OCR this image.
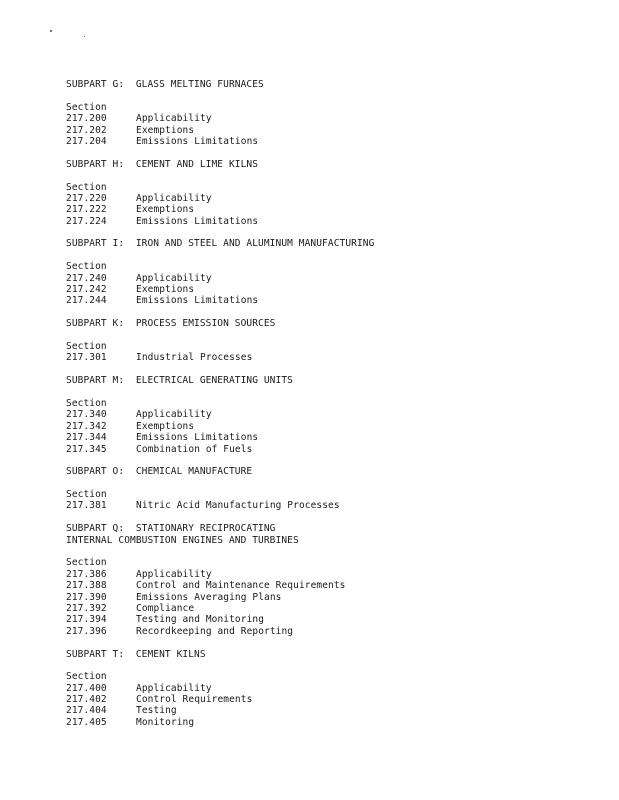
SUBPART G:  GLASS MELTING FURNACES
Section
217.200	Applicability
217.202	Exemptions
217.204	Emissions Limitations
SUBPART H:  CEMENT AND LIME KILNS
Section
217.220	Applicability
217.222	Exemptions
217.224	Emissions Limitations
SUBPART I:  IRON AND STEEL AND ALUMINUM MANUFACTURING
Section
217.240	Applicability
217.242	Exemptions
217.244	Emissions Limitations
SUBPART K:  PROCESS EMISSION SOURCES
Section
217.301	Industrial Processes
SUBPART M:  ELECTRICAL GENERATING UNITS
Section
217.340	Applicability
217.342	Exemptions
217.344	Emissions Limitations
217.345	Combination of Fuels
SUBPART O:  CHEMICAL MANUFACTURE
Section
217.381	Nitric Acid Manufacturing Processes
SUBPART Q:  STATIONARY RECIPROCATING
INTERNAL COMBUSTION ENGINES AND TURBINES
Section
217.386	Applicability
217.388	Control and Maintenance Requirements
217.390	Emissions Averaging Plans
217.392	Compliance
217.394	Testing and Monitoring
217.396	Recordkeeping and Reporting
SUBPART T:  CEMENT KILNS
Section
217.400	Applicability
217.402	Control Requirements
217.404	Testing
217.405	Monitoring
